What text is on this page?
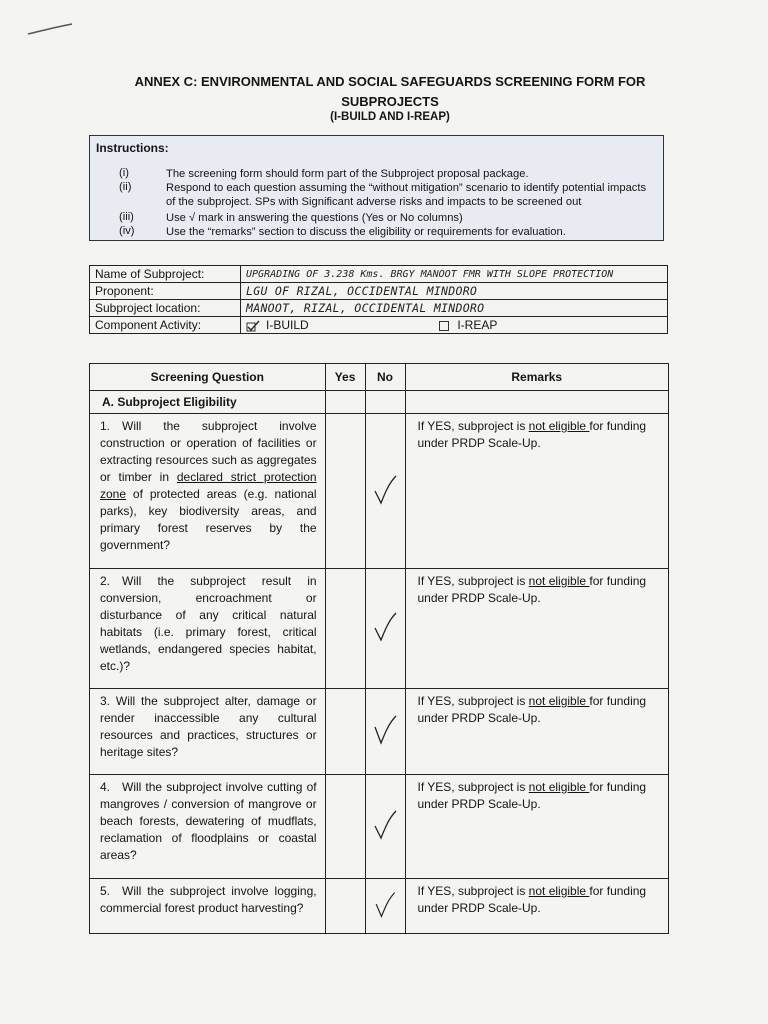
ANNEX C: ENVIRONMENTAL AND SOCIAL SAFEGUARDS SCREENING FORM FOR
SUBPROJECTS
(I-BUILD AND I-REAP)
Instructions:
(i)	The screening form should form part of the Subproject proposal package.
(ii)	Respond to each question assuming the “without mitigation” scenario to identify potential impacts of the subproject. SPs with Significant adverse risks and impacts to be screened out
(iii)	Use √ mark in answering the questions (Yes or No columns)
(iv)	Use the “remarks” section to discuss the eligibility or requirements for evaluation.
Name of Subproject:	UPGRADING OF 3.238 Kms. BRGY MANOOT FMR WITH SLOPE PROTECTION
Proponent:	LGU OF RIZAL, OCCIDENTAL MINDORO
Subproject location:	MANOOT, RIZAL, OCCIDENTAL MINDORO
Component Activity:	I-BUILD I-REAP
Screening Question	Yes	No	Remarks
A. Subproject Eligibility			
1. Will the subproject involve construction or operation of facilities or extracting resources such as aggregates or timber in declared strict protection zone of protected areas (e.g. national parks), key biodiversity areas, and primary forest reserves by the government?			If YES, subproject is not eligible for funding under PRDP Scale-Up.
2. Will the subproject result in conversion, encroachment or disturbance of any critical natural habitats (i.e. primary forest, critical wetlands, endangered species habitat, etc.)?			If YES, subproject is not eligible for funding under PRDP Scale-Up.
3. Will the subproject alter, damage or render inaccessible any cultural resources and practices, structures or heritage sites?			If YES, subproject is not eligible for funding under PRDP Scale-Up.
4. Will the subproject involve cutting of mangroves / conversion of mangrove or beach forests, dewatering of mudflats, reclamation of floodplains or coastal areas?			If YES, subproject is not eligible for funding under PRDP Scale-Up.
5. Will the subproject involve logging, commercial forest product harvesting?			If YES, subproject is not eligible for funding under PRDP Scale-Up.
